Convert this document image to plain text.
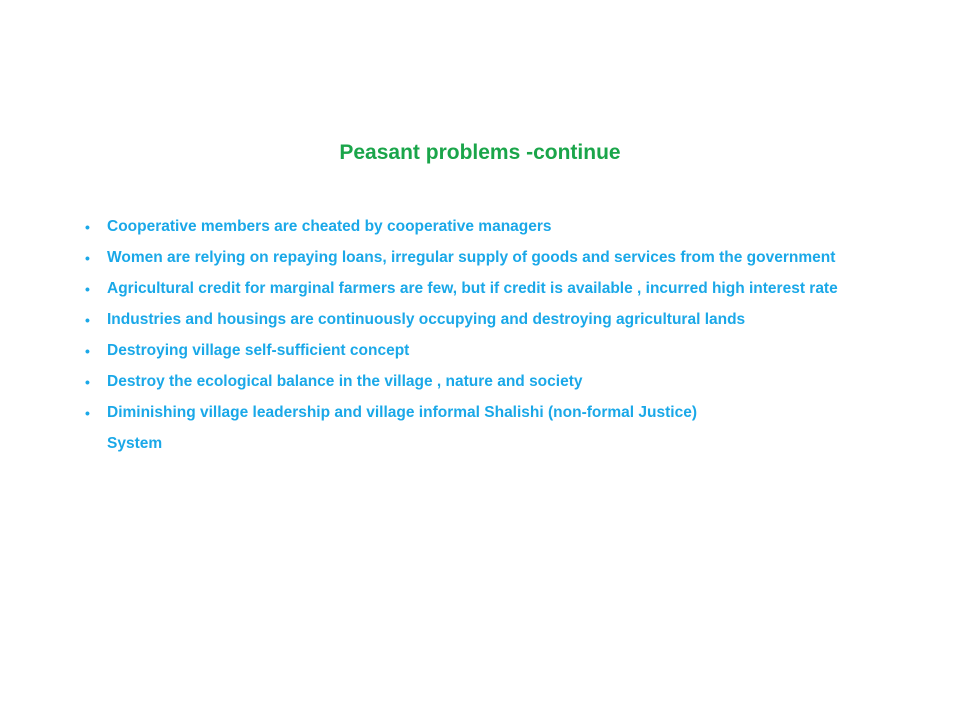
Peasant problems -continue
• Cooperative members are cheated by cooperative managers
• Women are relying on repaying loans, irregular supply of goods and services from the government
• Agricultural credit for marginal farmers are few, but if credit is available , incurred high interest rate
• Industries and housings are continuously occupying and destroying agricultural lands
• Destroying village self-sufficient concept
• Destroy the ecological balance in the village , nature and society
• Diminishing village leadership and village informal Shalishi (non-formal Justice)
System
